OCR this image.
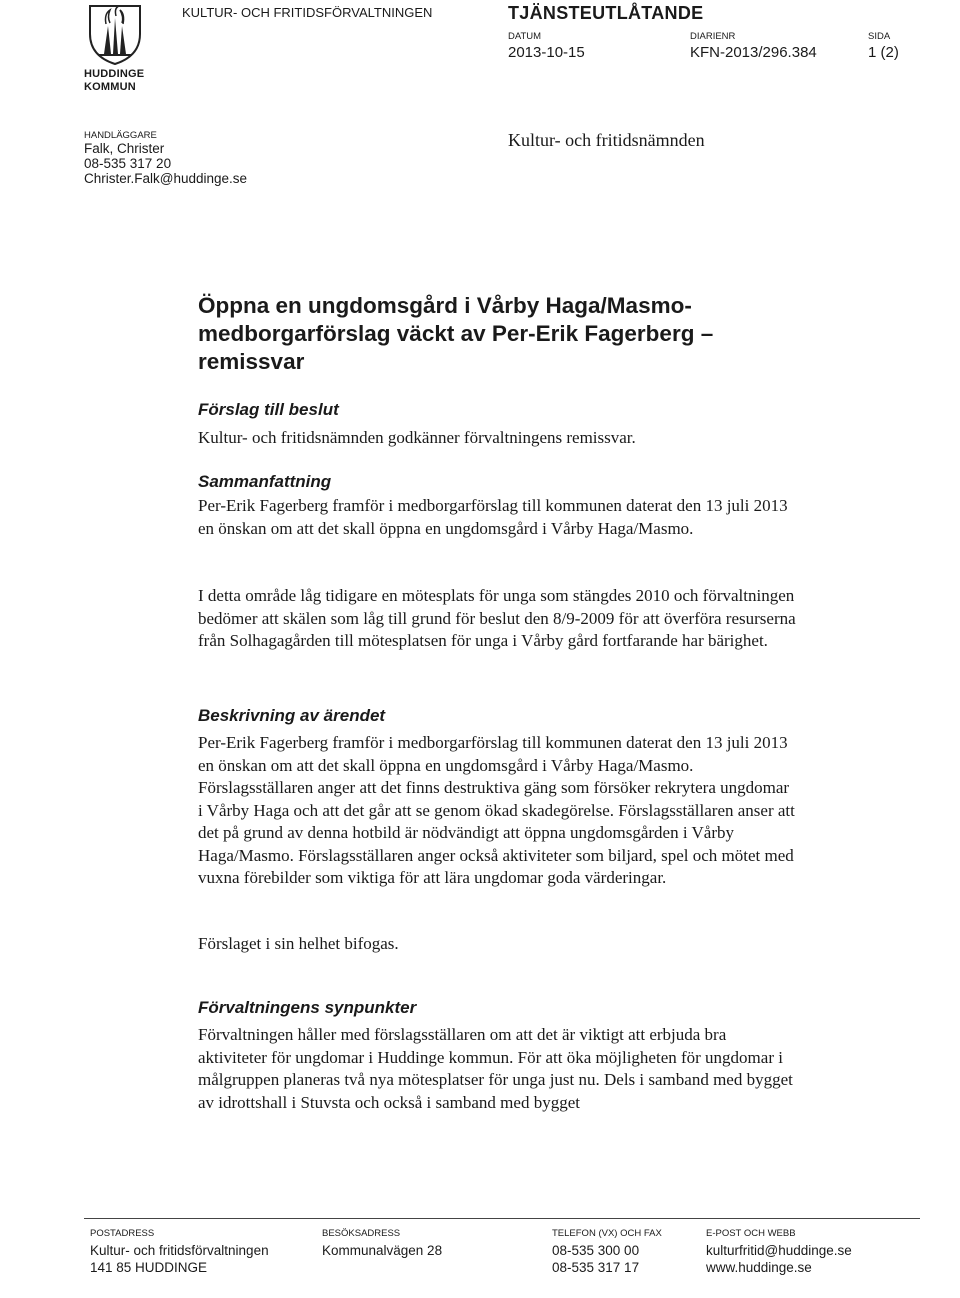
HUDDINGE
KOMMUN
KULTUR- OCH FRITIDSFÖRVALTNINGEN	TJÄNSTEUTLÅTANDE
DATUM
2013-10-15
DIARIENR
KFN-2013/296.384
SIDA
1 (2)
HANDLÄGGARE
Falk, Christer
08-535 317 20
Christer.Falk@huddinge.se
Kultur- och fritidsnämnden
Öppna en ungdomsgård i Vårby Haga/Masmo- medborgarförslag väckt av Per-Erik Fagerberg – remissvar
Förslag till beslut
Kultur- och fritidsnämnden godkänner förvaltningens remissvar.
Sammanfattning
Per-Erik Fagerberg framför i medborgarförslag till kommunen daterat den 13 juli 2013 en önskan om att det skall öppna en ungdomsgård i Vårby Haga/Masmo.
I detta område låg tidigare en mötesplats för unga som stängdes 2010 och förvaltningen bedömer att skälen som låg till grund för beslut den 8/9-2009 för att överföra resurserna från Solhagagården till mötesplatsen för unga i Vårby gård fortfarande har bärighet.
Beskrivning av ärendet
Per-Erik Fagerberg framför i medborgarförslag till kommunen daterat den 13 juli 2013 en önskan om att det skall öppna en ungdomsgård i Vårby Haga/Masmo. Förslagsställaren anger att det finns destruktiva gäng som försöker rekrytera ungdomar i Vårby Haga och att det går att se genom ökad skadegörelse. Förslagsställaren anser att det på grund av denna hotbild är nödvändigt att öppna ungdomsgården i Vårby Haga/Masmo. Förslagsställaren anger också aktiviteter som biljard, spel och mötet med vuxna förebilder som viktiga för att lära ungdomar goda värderingar.
Förslaget i sin helhet bifogas.
Förvaltningens synpunkter
Förvaltningen håller med förslagsställaren om att det är viktigt att erbjuda bra aktiviteter för ungdomar i Huddinge kommun. För att öka möjligheten för ungdomar i målgruppen planeras två nya mötesplatser för unga just nu. Dels i samband med bygget av idrottshall i Stuvsta och också i samband med bygget
POSTADRESS
Kultur- och fritidsförvaltningen
141 85 HUDDINGE
BESÖKSADRESS
Kommunalvägen 28
TELEFON (VX) OCH FAX
08-535 300 00
08-535 317 17
E-POST OCH WEBB
kulturfritid@huddinge.se
www.huddinge.se
